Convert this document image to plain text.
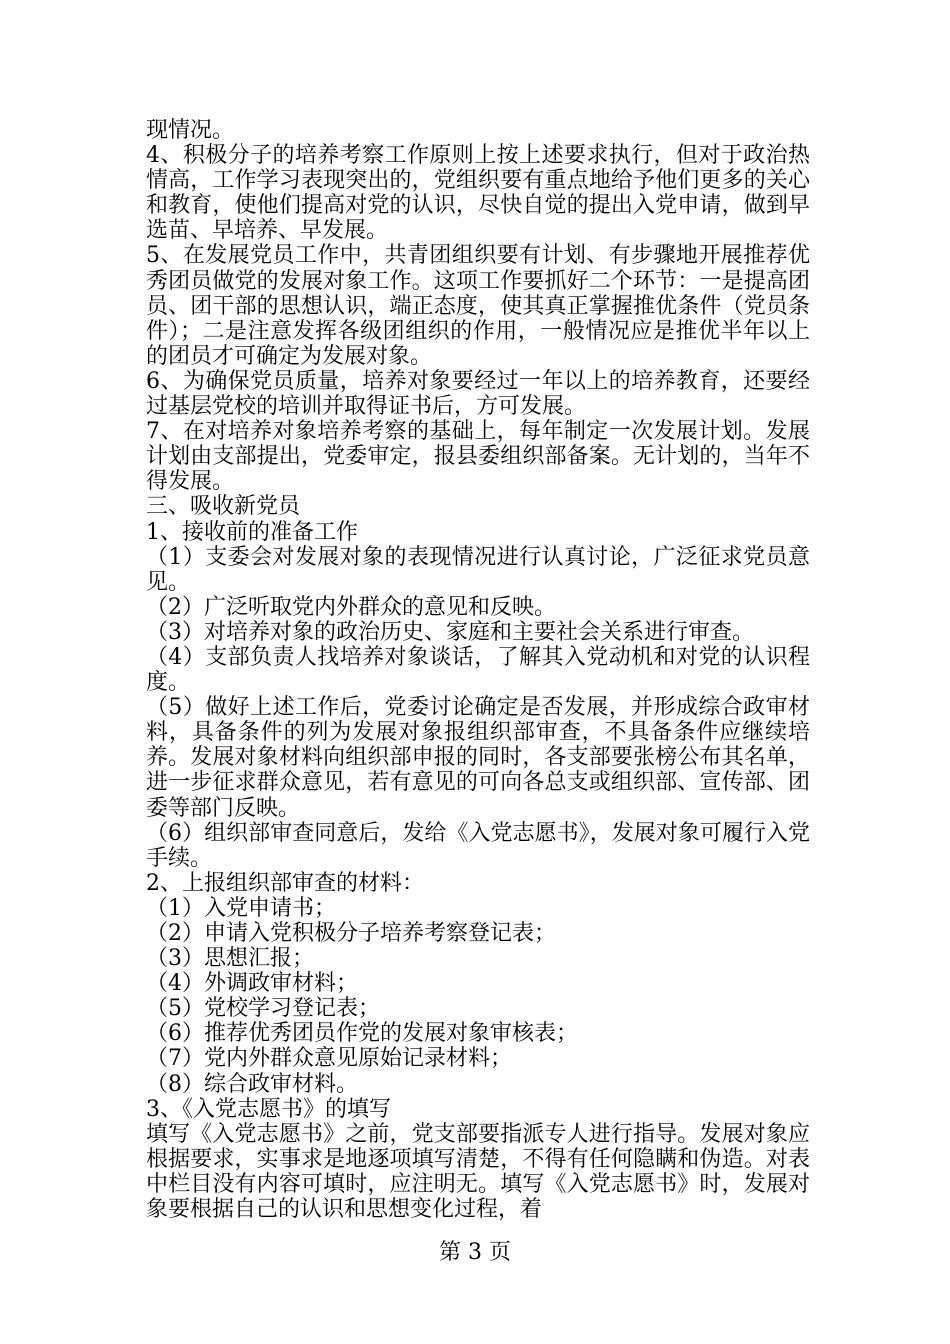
现情况。

4、积极分子的培养考察工作原则上按上述要求执行，但对于政治热情高，工作学习表现突出的，党组织要有重点地给予他们更多的关心和教育，使他们提高对党的认识，尽快自觉的提出入党申请，做到早选苗、早培养、早发展。

5、在发展党员工作中，共青团组织要有计划、有步骤地开展推荐优秀团员做党的发展对象工作。这项工作要抓好二个环节：一是提高团员、团干部的思想认识，端正态度，使其真正掌握推优条件（党员条件）；二是注意发挥各级团组织的作用，一般情况应是推优半年以上的团员才可确定为发展对象。

6、为确保党员质量，培养对象要经过一年以上的培养教育，还要经过基层党校的培训并取得证书后，方可发展。

7、在对培养对象培养考察的基础上，每年制定一次发展计划。发展计划由支部提出，党委审定，报县委组织部备案。无计划的，当年不得发展。

三、吸收新党员

1、接收前的准备工作

（1）支委会对发展对象的表现情况进行认真讨论，广泛征求党员意见。

（2）广泛听取党内外群众的意见和反映。

（3）对培养对象的政治历史、家庭和主要社会关系进行审查。

（4）支部负责人找培养对象谈话，了解其入党动机和对党的认识程度。

（5）做好上述工作后，党委讨论确定是否发展，并形成综合政审材料，具备条件的列为发展对象报组织部审查，不具备条件应继续培养。发展对象材料向组织部申报的同时，各支部要张榜公布其名单，进一步征求群众意见，若有意见的可向各总支或组织部、宣传部、团委等部门反映。

（6）组织部审查同意后，发给《入党志愿书》，发展对象可履行入党手续。

2、上报组织部审查的材料：

（1）入党申请书；

（2）申请入党积极分子培养考察登记表；

（3）思想汇报；

（4）外调政审材料；

（5）党校学习登记表；

（6）推荐优秀团员作党的发展对象审核表；

（7）党内外群众意见原始记录材料；

（8）综合政审材料。

3、《入党志愿书》的填写

填写《入党志愿书》之前，党支部要指派专人进行指导。发展对象应根据要求，实事求是地逐项填写清楚，不得有任何隐瞒和伪造。对表中栏目没有内容可填时，应注明无。填写《入党志愿书》时，发展对象要根据自己的认识和思想变化过程，着

第 3 页
